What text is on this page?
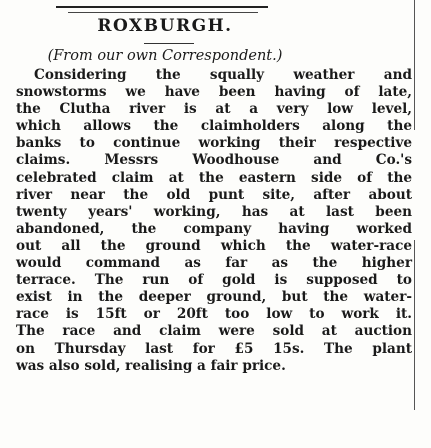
ROXBURGH.
(From our own Correspondent.)
Considering the squally weather and
snowstorms we have been having of late,
the Clutha river is at a very low level,
which allows the claimholders along the
banks to continue working their respective
claims. Messrs Woodhouse and Co.'s
celebrated claim at the eastern side of the
river near the old punt site, after about
twenty years' working, has at last been
abandoned, the company having worked
out all the ground which the water-race
would command as far as the higher
terrace. The run of gold is supposed to
exist in the deeper ground, but the water-
race is 15ft or 20ft too low to work it.
The race and claim were sold at auction
on Thursday last for £5 15s. The plant
was also sold, realising a fair price.
